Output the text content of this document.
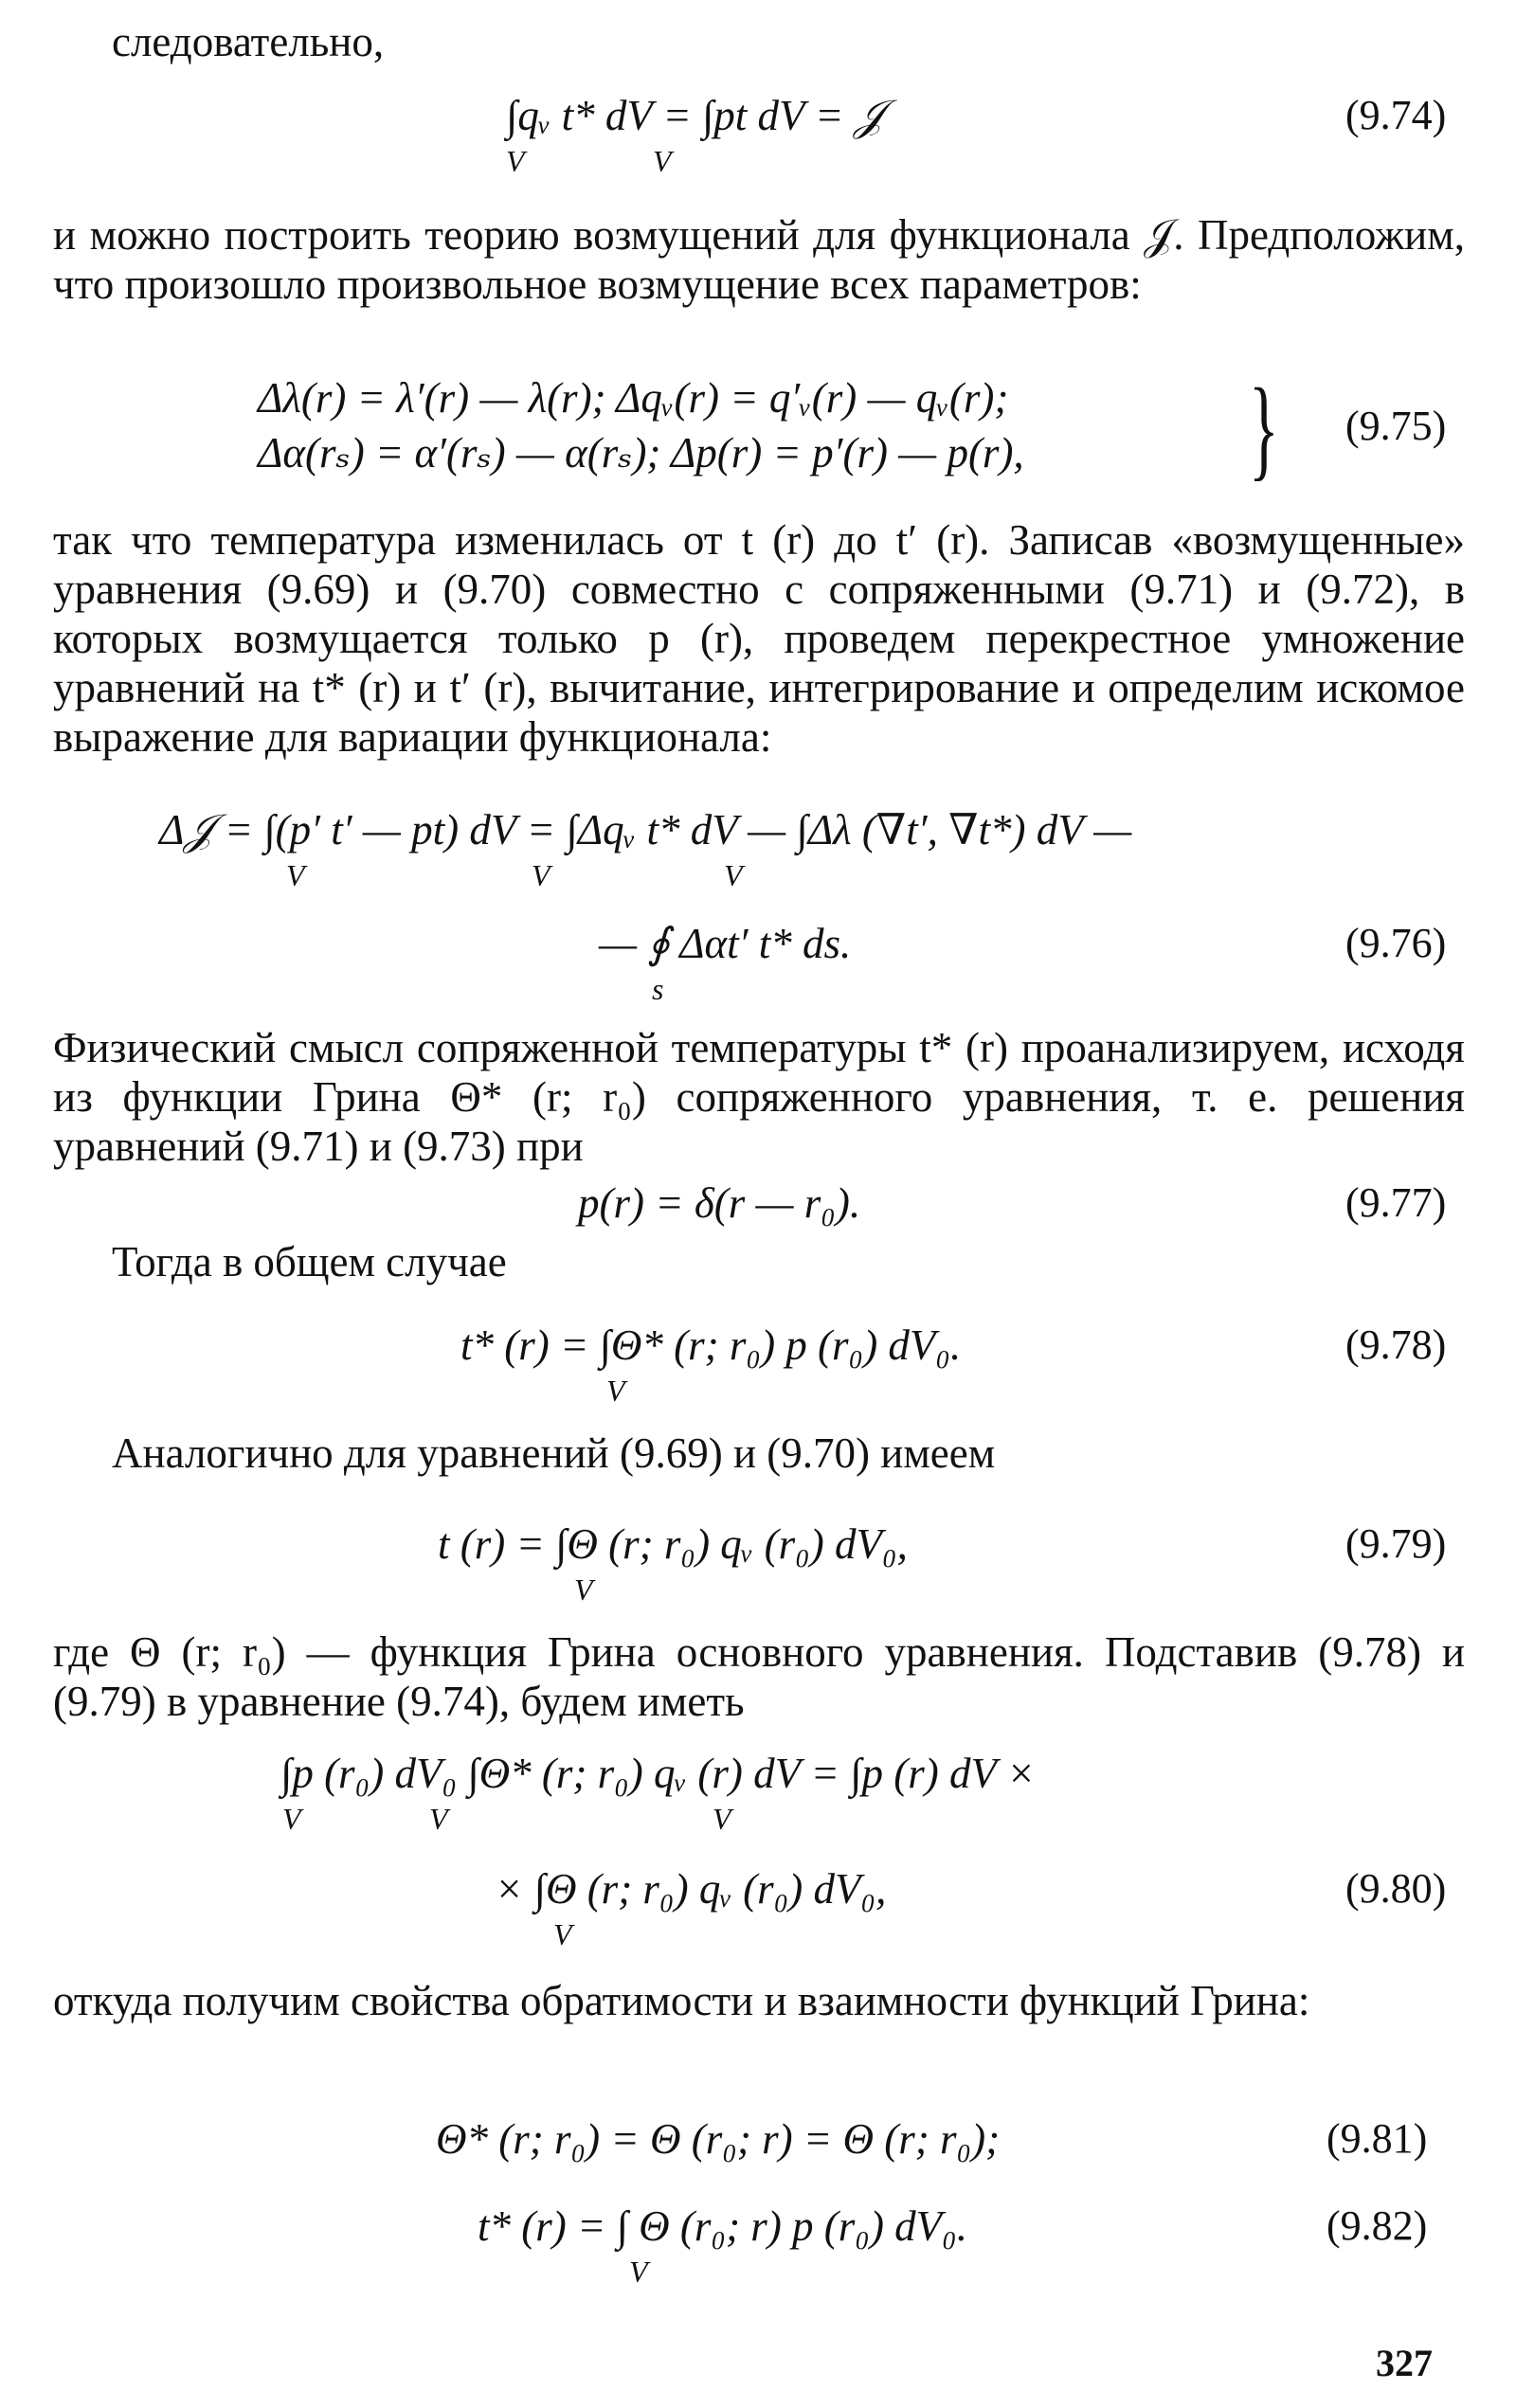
следовательно,

∫qᵥ t* dV = ∫pt dV = 𝒥	(9.74)
V                 V

и можно построить теорию возмущений для функционала 𝒥. Предположим, что произошло произвольное возмущение всех параметров:

Δλ(r) = λ′(r) — λ(r); Δqᵥ(r) = q′ᵥ(r) — qᵥ(r);
Δα(rₛ) = α′(rₛ) — α(rₛ); Δp(r) = p′(r) — p(r), } (9.75)

так что температура изменилась от t (r) до t′ (r). Записав «возмущенные» уравнения (9.69) и (9.70) совместно с сопряженными (9.71) и (9.72), в которых возмущается только p (r), проведем перекрестное умножение уравнений на t* (r) и t′ (r), вычитание, интегрирование и определим искомое выражение для вариации функционала:

Δ𝒥 = ∫(p′ t′ — pt) dV = ∫Δqᵥ t* dV — ∫Δλ (∇t′, ∇t*) dV —
V                              V                       V
— ∮ Δαt′ t* ds.	(9.76)
s

Физический смысл сопряженной температуры t* (r) проанализируем, исходя из функции Грина Θ* (r; r₀) сопряженного уравнения, т. е. решения уравнений (9.71) и (9.73) при

p(r) = δ(r — r₀).	(9.77)

Тогда в общем случае

t* (r) = ∫Θ* (r; r₀) p (r₀) dV₀.	(9.78)
V

Аналогично для уравнений (9.69) и (9.70) имеем

t (r) = ∫Θ (r; r₀) qᵥ (r₀) dV₀,	(9.79)
V

где Θ (r; r₀) — функция Грина основного уравнения. Подставив (9.78) и (9.79) в уравнение (9.74), будем иметь

∫p (r₀) dV₀ ∫Θ* (r; r₀) qᵥ (r) dV = ∫p (r) dV ×
V                 V                                   V
× ∫Θ (r; r₀) qᵥ (r₀) dV₀,	(9.80)
V

откуда получим свойства обратимости и взаимности функций Грина:

Θ* (r; r₀) = Θ (r₀; r) = Θ (r; r₀);	(9.81)
t* (r) = ∫ Θ (r₀; r) p (r₀) dV₀.	(9.82)
V
327
